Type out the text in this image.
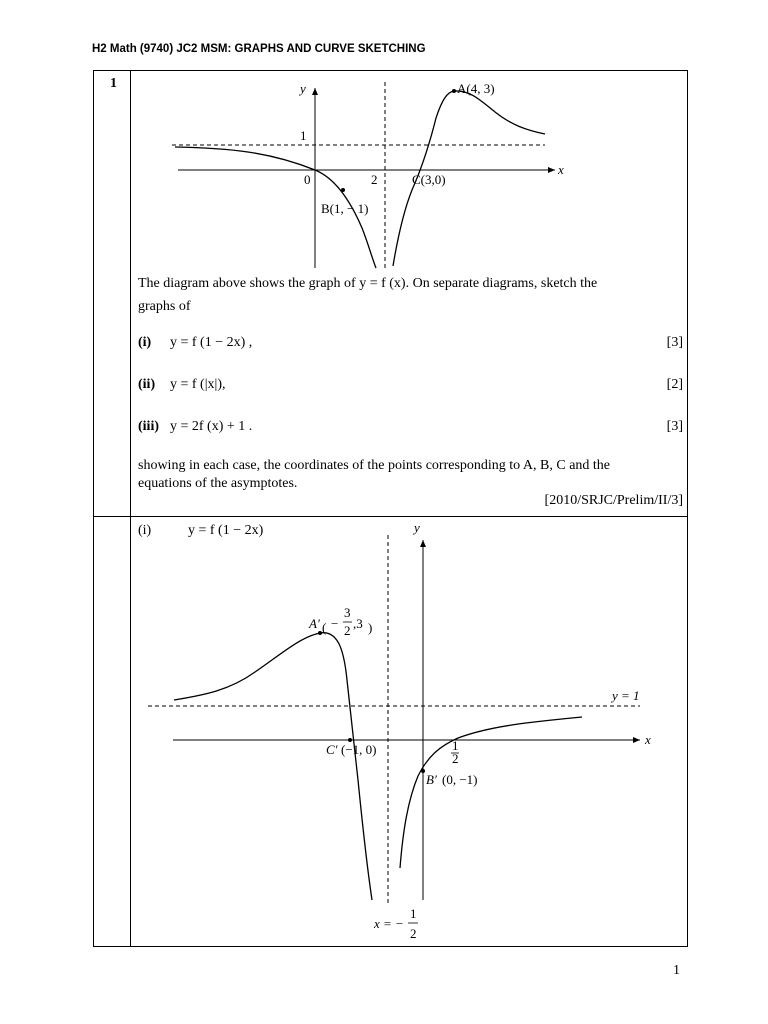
H2 Math (9740) JC2 MSM: GRAPHS AND CURVE SKETCHING
1	y
x
1
0	2
A(4, 3)
B(1, − 1)
C(3,0)
The diagram above shows the graph of y = f (x). On separate diagrams, sketch the
graphs of
(i) y = f (1 − 2x) ,	[3]
(ii) y = f (|x|),	[2]
(iii) y = 2f (x) + 1 .	[3]
showing in each case, the coordinates of the points corresponding to A, B, C and the
equations of the asymptotes.
[2010/SRJC/Prelim/II/3]
(i)	y = f (1 − 2x)	y
x
A′ ( −
3
2 ,3 )
y = 1
C′ (−1, 0)	1
2
B′ (0, −1)
x = −
1
2
1
